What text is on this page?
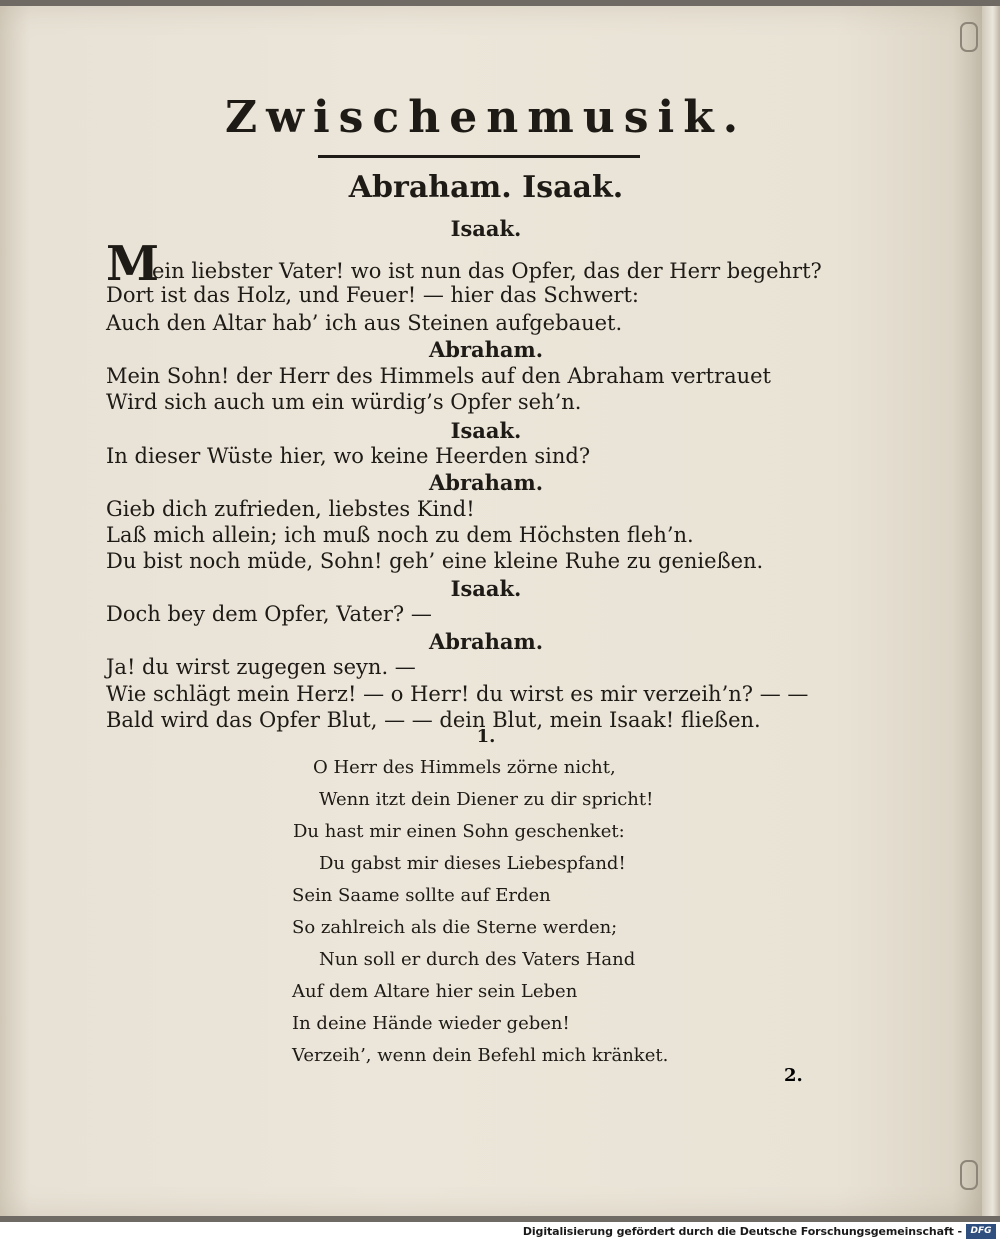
Zwischenmusik.
Abraham. Isaak.
Isaak.
ein liebster Vater! wo ist nun das Opfer, das der Herr begehrt?
Dort ist das Holz, und Feuer! — hier das Schwert:
Auch den Altar hab’ ich aus Steinen aufgebauet.
Abraham.
Mein Sohn! der Herr des Himmels auf den Abraham vertrauet
Wird sich auch um ein würdig’s Opfer seh’n.
Isaak.
In dieser Wüste hier, wo keine Heerden sind?
Abraham.
Gieb dich zufrieden, liebstes Kind!
Laß mich allein; ich muß noch zu dem Höchsten fleh’n.
Du bist noch müde, Sohn! geh’ eine kleine Ruhe zu genießen.
Isaak.
Doch bey dem Opfer, Vater? —
Abraham.
Ja! du wirst zugegen seyn. —
Wie schlägt mein Herz! — o Herr! du wirst es mir verzeih’n? — —
Bald wird das Opfer Blut, — — dein Blut, mein Isaak! fließen.
M
1.
O Herr des Himmels zörne nicht,
Wenn itzt dein Diener zu dir spricht!
Du hast mir einen Sohn geschenket:
Du gabst mir dieses Liebespfand!
Sein Saame sollte auf Erden
So zahlreich als die Sterne werden;
Nun soll er durch des Vaters Hand
Auf dem Altare hier sein Leben
In deine Hände wieder geben!
Verzeih’, wenn dein Befehl mich kränket.
2.
Digitalisierung gefördert durch die Deutsche Forschungsgemeinschaft - DFG
